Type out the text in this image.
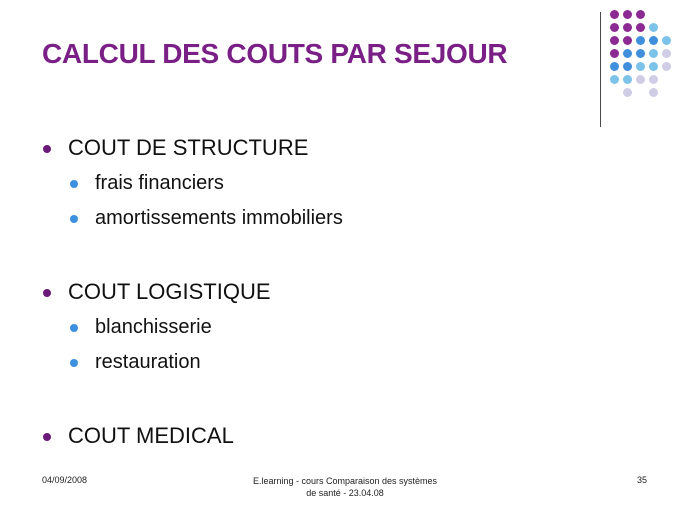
CALCUL DES COUTS PAR SEJOUR
COUT DE STRUCTURE
frais financiers
amortissements immobiliers
COUT LOGISTIQUE
blanchisserie
restauration
COUT MEDICAL
04/09/2008	E.learning - cours Comparaison des systèmes
de santé - 23.04.08
35
